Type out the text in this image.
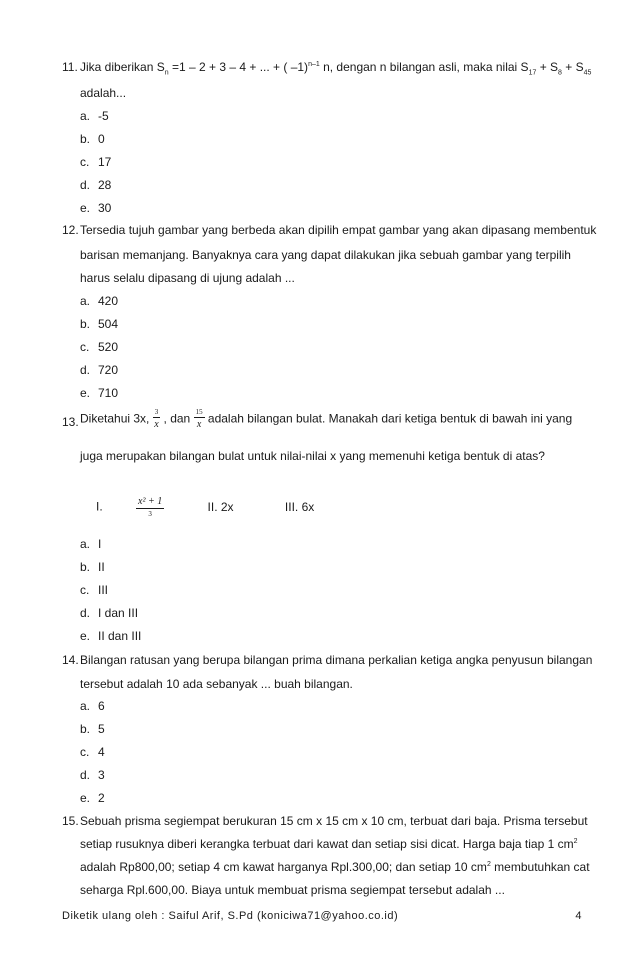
11. Jika diberikan $S_n =1 - 2 + 3 - 4$ + ... + ( –1)$^{n-1}$ n, dengan n bilangan asli, maka nilai $S_{17} + S_8 + S_{45}$
adalah...
a. -5
b. 0
c. 17
d. 28
e. 30
12. Tersedia tujuh gambar yang berbeda akan dipilih empat gambar yang akan dipasang membentuk
barisan memanjang. Banyaknya cara yang dapat dilakukan jika sebuah gambar yang terpilih
harus selalu dipasang di ujung adalah ...
a. 420
b. 504
c. 520
d. 720
e. 710
13. Diketahui 3x, $\frac{3}{x}$ , dan $\frac{15}{x}$ adalah bilangan bulat. Manakah dari ketiga bentuk di bawah ini yang
juga merupakan bilangan bulat untuk nilai-nilai x yang memenuhi ketiga bentuk di atas?
I.	$\frac{\text{x² + 1}}{3}$	II. 2x	III. 6x
a. I
b. II
c. III
d. I dan III
e. II dan III
14. Bilangan ratusan yang berupa bilangan prima dimana perkalian ketiga angka penyusun bilangan
tersebut adalah 10 ada sebanyak ... buah bilangan.
a. 6
b. 5
c. 4
d. 3
e. 2
15. Sebuah prisma segiempat berukuran 15 cm x 15 cm x 10 cm, terbuat dari baja. Prisma tersebut
setiap rusuknya diberi kerangka terbuat dari kawat dan setiap sisi dicat. Harga baja tiap 1 $cm^2$
adalah Rp800,00; setiap 4 cm kawat harganya Rpl.300,00; dan setiap 10 $cm^2$ membutuhkan cat
seharga Rpl.600,00. Biaya untuk membuat prisma segiempat tersebut adalah ...
Diketik ulang oleh : Saiful Arif, S.Pd (koniciwa71@yahoo.co.id)	4
